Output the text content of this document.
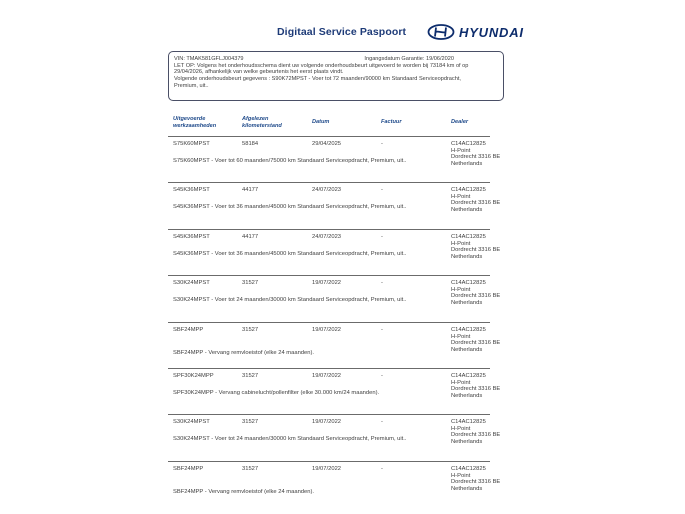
Digitaal Service Paspoort	HYUNDAI
VIN: TMAK581GFLJ004379	Ingangsdatum Garantie: 19/06/2020
LET OP: Volgens het onderhoudsschema dient uw volgende onderhoudsbeurt uitgevoerd te worden bij 73184 km of op
29/04/2026, afhankelijk van welke gebeurtenis het eerst plaats vindt.
Volgende onderhoudsbeurt gegevens : S90K72MPST - Voer tot 72 maanden/90000 km Standaard Serviceopdracht,
Premium, uit..
Uitgevoerde
werkzaamheden
Afgelezen
kilometerstand
Datum	Factuur	Dealer
S75K60MPST	58184	29/04/2025	-	C14AC12825
H-Point
Dordrecht 3316 BE
Netherlands
S75K60MPST - Voer tot 60 maanden/75000 km Standaard Serviceopdracht, Premium, uit..
S45K36MPST	44177	24/07/2023	-	C14AC12825
H-Point
Dordrecht 3316 BE
Netherlands
S45K36MPST - Voer tot 36 maanden/45000 km Standaard Serviceopdracht, Premium, uit..
S45K36MPST	44177	24/07/2023	-	C14AC12825
H-Point
Dordrecht 3316 BE
Netherlands
S45K36MPST - Voer tot 36 maanden/45000 km Standaard Serviceopdracht, Premium, uit..
S30K24MPST	31527	19/07/2022	-	C14AC12825
H-Point
Dordrecht 3316 BE
Netherlands
S30K24MPST - Voer tot 24 maanden/30000 km Standaard Serviceopdracht, Premium, uit..
SBF24MPP	31527	19/07/2022	-	C14AC12825
H-Point
Dordrecht 3316 BE
Netherlands
SBF24MPP - Vervang remvloeistof (elke 24 maanden).
SPF30K24MPP	31527	19/07/2022	-	C14AC12825
H-Point
Dordrecht 3316 BE
Netherlands
SPF30K24MPP - Vervang cabinelucht/pollenfilter (elke 30.000 km/24 maanden).
S30K24MPST	31527	19/07/2022	-	C14AC12825
H-Point
Dordrecht 3316 BE
Netherlands
S30K24MPST - Voer tot 24 maanden/30000 km Standaard Serviceopdracht, Premium, uit..
SBF24MPP	31527	19/07/2022	-	C14AC12825
H-Point
Dordrecht 3316 BE
Netherlands
SBF24MPP - Vervang remvloeistof (elke 24 maanden).
